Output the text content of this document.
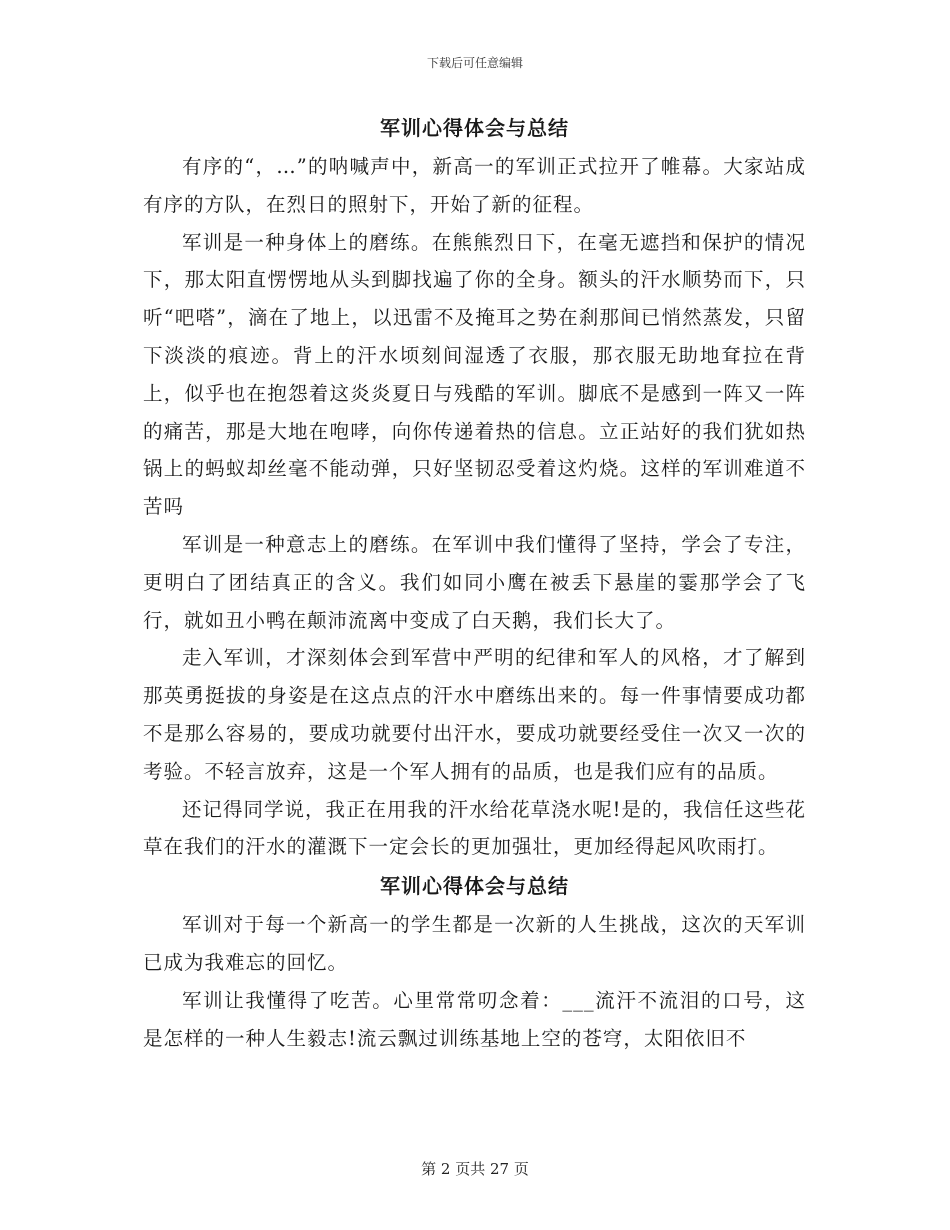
下载后可任意编辑
军训心得体会与总结

有序的“，…”的呐喊声中，新高一的军训正式拉开了帷幕。大家站成有序的方队，在烈日的照射下，开始了新的征程。

军训是一种身体上的磨练。在熊熊烈日下，在毫无遮挡和保护的情况下，那太阳直愣愣地从头到脚找遍了你的全身。额头的汗水顺势而下，只听“吧嗒”，滴在了地上，以迅雷不及掩耳之势在刹那间已悄然蒸发，只留下淡淡的痕迹。背上的汗水顷刻间湿透了衣服，那衣服无助地耷拉在背上，似乎也在抱怨着这炎炎夏日与残酷的军训。脚底不是感到一阵又一阵的痛苦，那是大地在咆哮，向你传递着热的信息。立正站好的我们犹如热锅上的蚂蚁却丝毫不能动弹，只好坚韧忍受着这灼烧。这样的军训难道不苦吗

军训是一种意志上的磨练。在军训中我们懂得了坚持，学会了专注，更明白了团结真正的含义。我们如同小鹰在被丢下悬崖的霎那学会了飞行，就如丑小鸭在颠沛流离中变成了白天鹅，我们长大了。

走入军训，才深刻体会到军营中严明的纪律和军人的风格，才了解到那英勇挺拔的身姿是在这点点的汗水中磨练出来的。每一件事情要成功都不是那么容易的，要成功就要付出汗水，要成功就要经受住一次又一次的考验。不轻言放弃，这是一个军人拥有的品质，也是我们应有的品质。

还记得同学说，我正在用我的汗水给花草浇水呢!是的，我信任这些花草在我们的汗水的灌溉下一定会长的更加强壮，更加经得起风吹雨打。

军训心得体会与总结

军训对于每一个新高一的学生都是一次新的人生挑战，这次的天军训已成为我难忘的回忆。

军训让我懂得了吃苦。心里常常叨念着：___流汗不流泪的口号，这是怎样的一种人生毅志!流云飘过训练基地上空的苍穹，太阳依旧不

第 2 页共 27 页
